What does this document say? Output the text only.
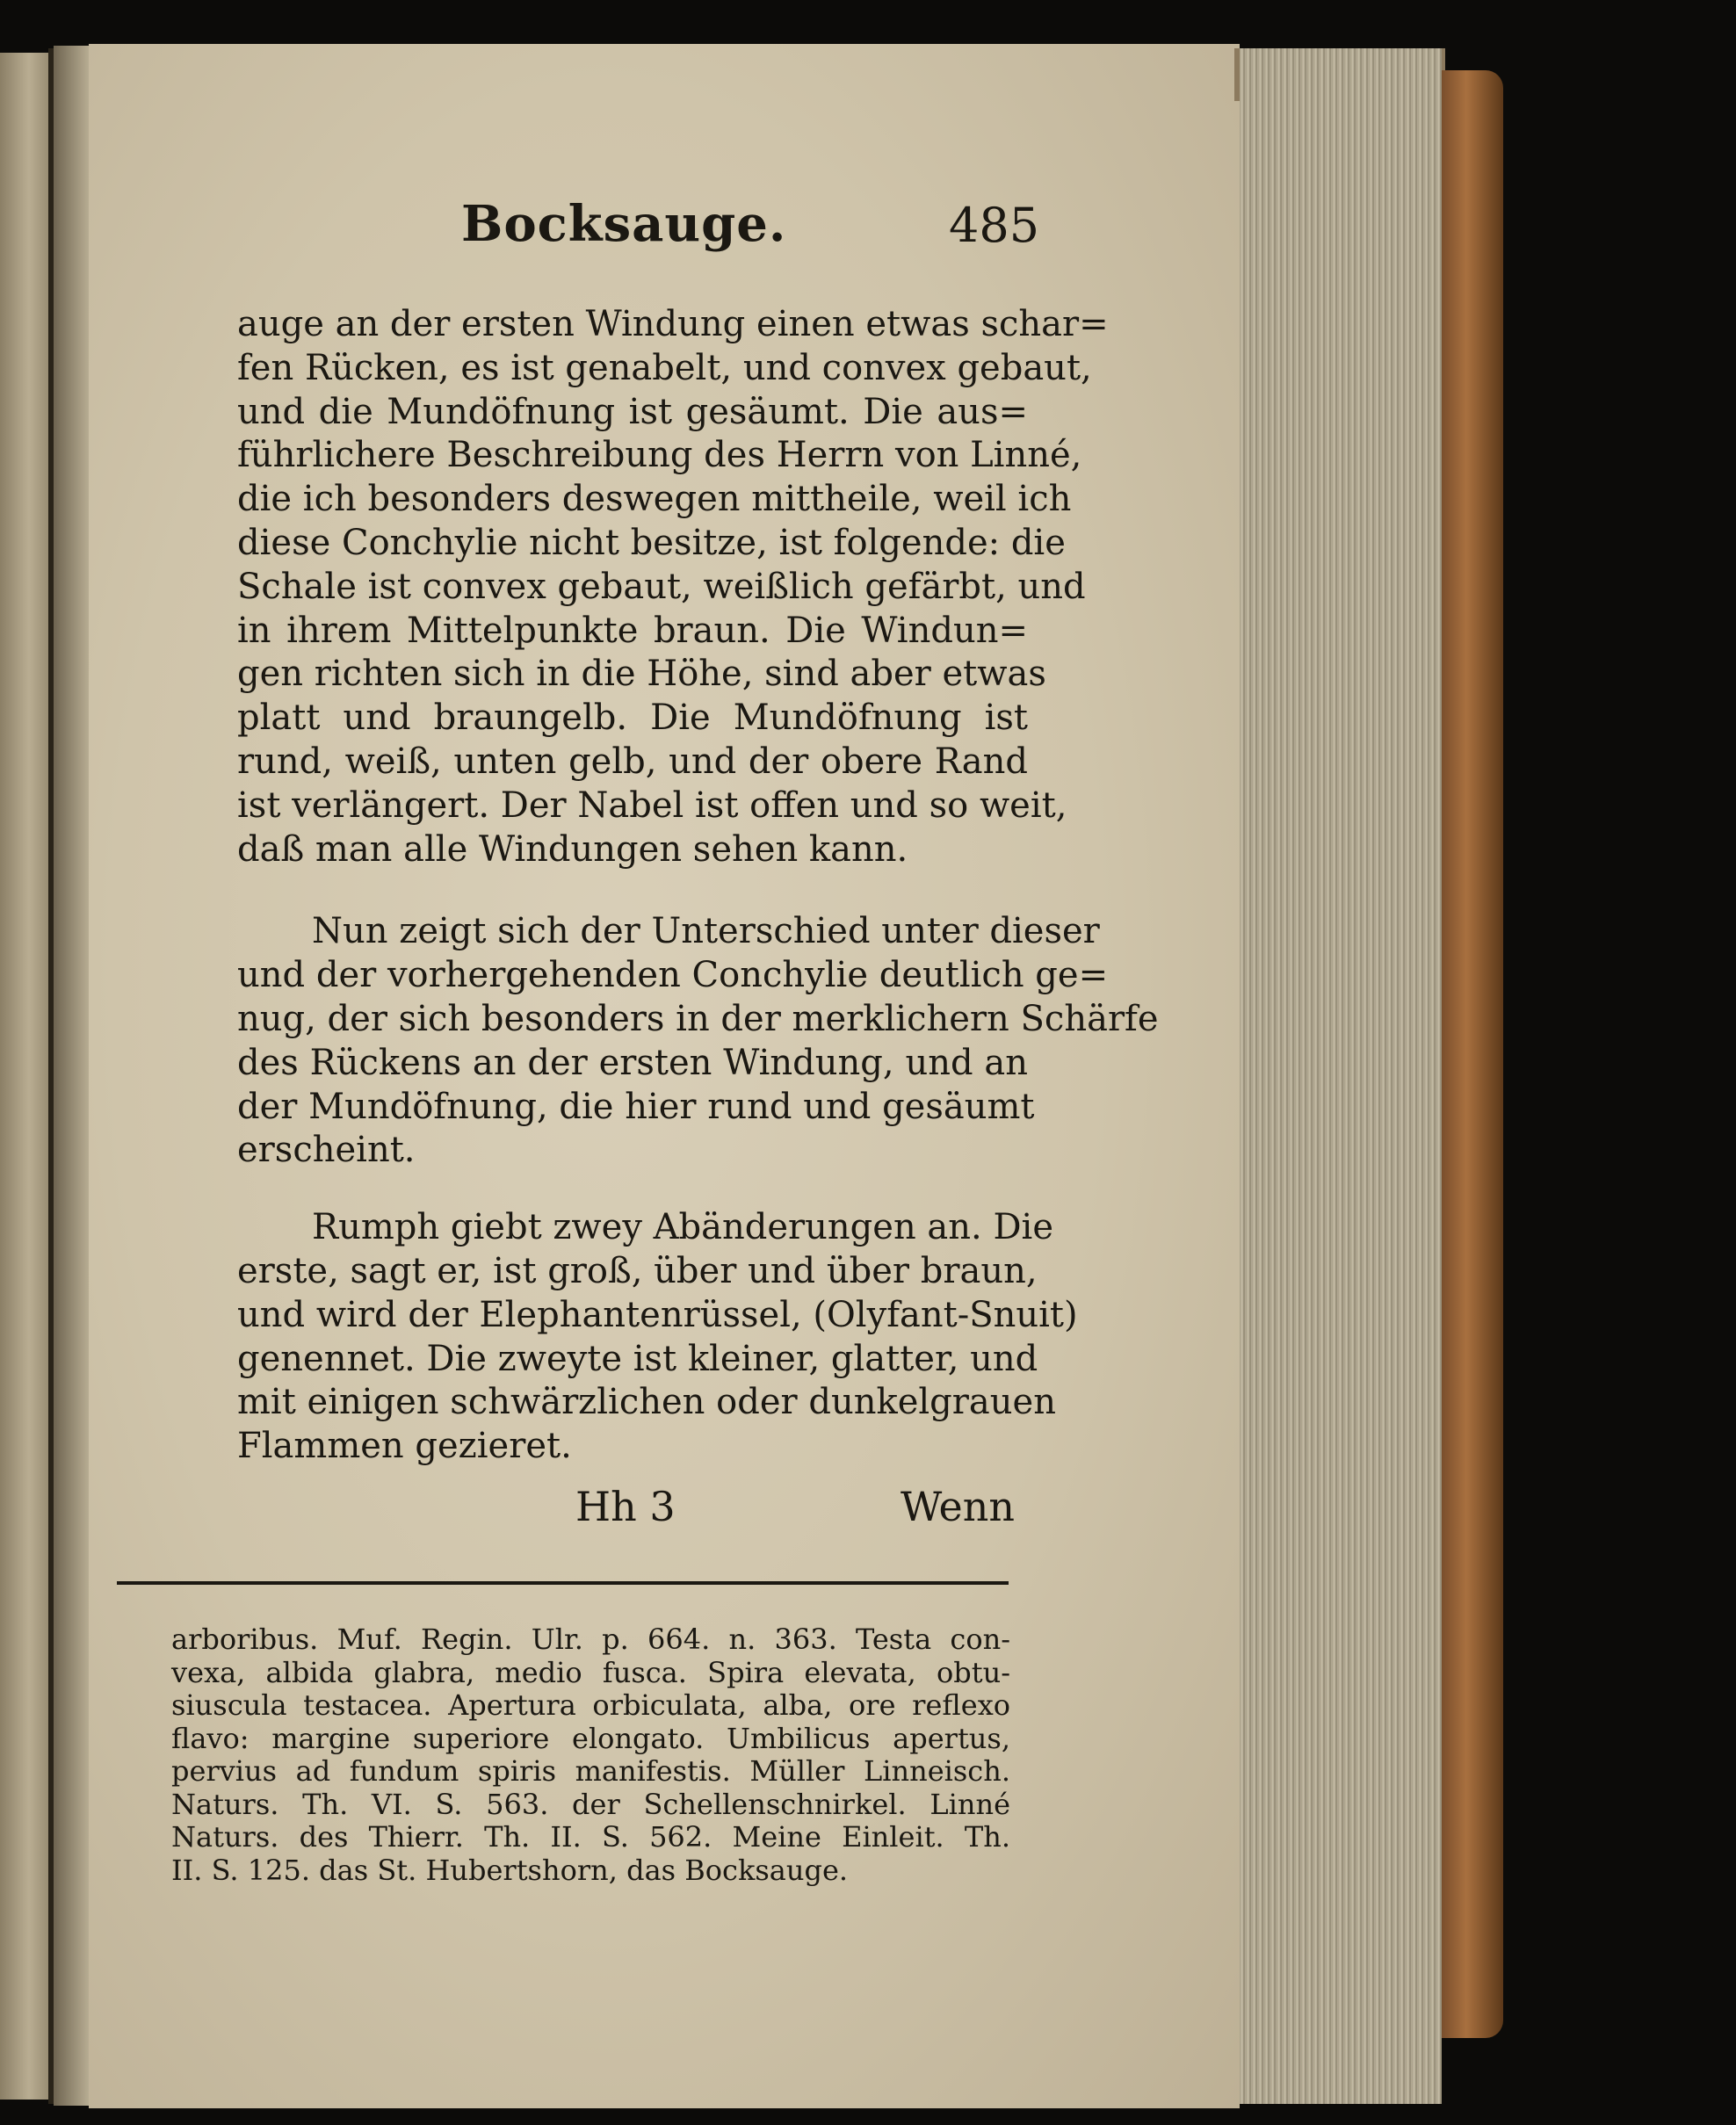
Bocksauge.	485

auge an der ersten Windung einen etwas schar=
fen Rücken, es ist genabelt, und convex gebaut,
und die Mundöfnung ist gesäumt. Die aus=
führlichere Beschreibung des Herrn von Linné,
die ich besonders deswegen mittheile, weil ich
diese Conchylie nicht besitze, ist folgende: die
Schale ist convex gebaut, weißlich gefärbt, und
in ihrem Mittelpunkte braun. Die Windun=
gen richten sich in die Höhe, sind aber etwas
platt und braungelb. Die Mundöfnung ist
rund, weiß, unten gelb, und der obere Rand
ist verlängert. Der Nabel ist offen und so weit,
daß man alle Windungen sehen kann.

Nun zeigt sich der Unterschied unter dieser
und der vorhergehenden Conchylie deutlich ge=
nug, der sich besonders in der merklichern Schärfe
des Rückens an der ersten Windung, und an
der Mundöfnung, die hier rund und gesäumt
erscheint.

Rumph giebt zwey Abänderungen an. Die
erste, sagt er, ist groß, über und über braun,
und wird der Elephantenrüssel, (Olyfant-Snuit)
genennet. Die zweyte ist kleiner, glatter, und
mit einigen schwärzlichen oder dunkelgrauen
Flammen gezieret.

Hh 3	Wenn
arboribus. Muf. Regin. Ulr. p. 664. n. 363. Testa con-
vexa, albida glabra, medio fusca. Spira elevata, obtu-
siuscula testacea. Apertura orbiculata, alba, ore reflexo
flavo: margine superiore elongato. Umbilicus apertus,
pervius ad fundum spiris manifestis. Müller Linneisch.
Naturs. Th. VI. S. 563. der Schellenschnirkel. Linné
Naturs. des Thierr. Th. II. S. 562. Meine Einleit. Th.
II. S. 125. das St. Hubertshorn, das Bocksauge.
